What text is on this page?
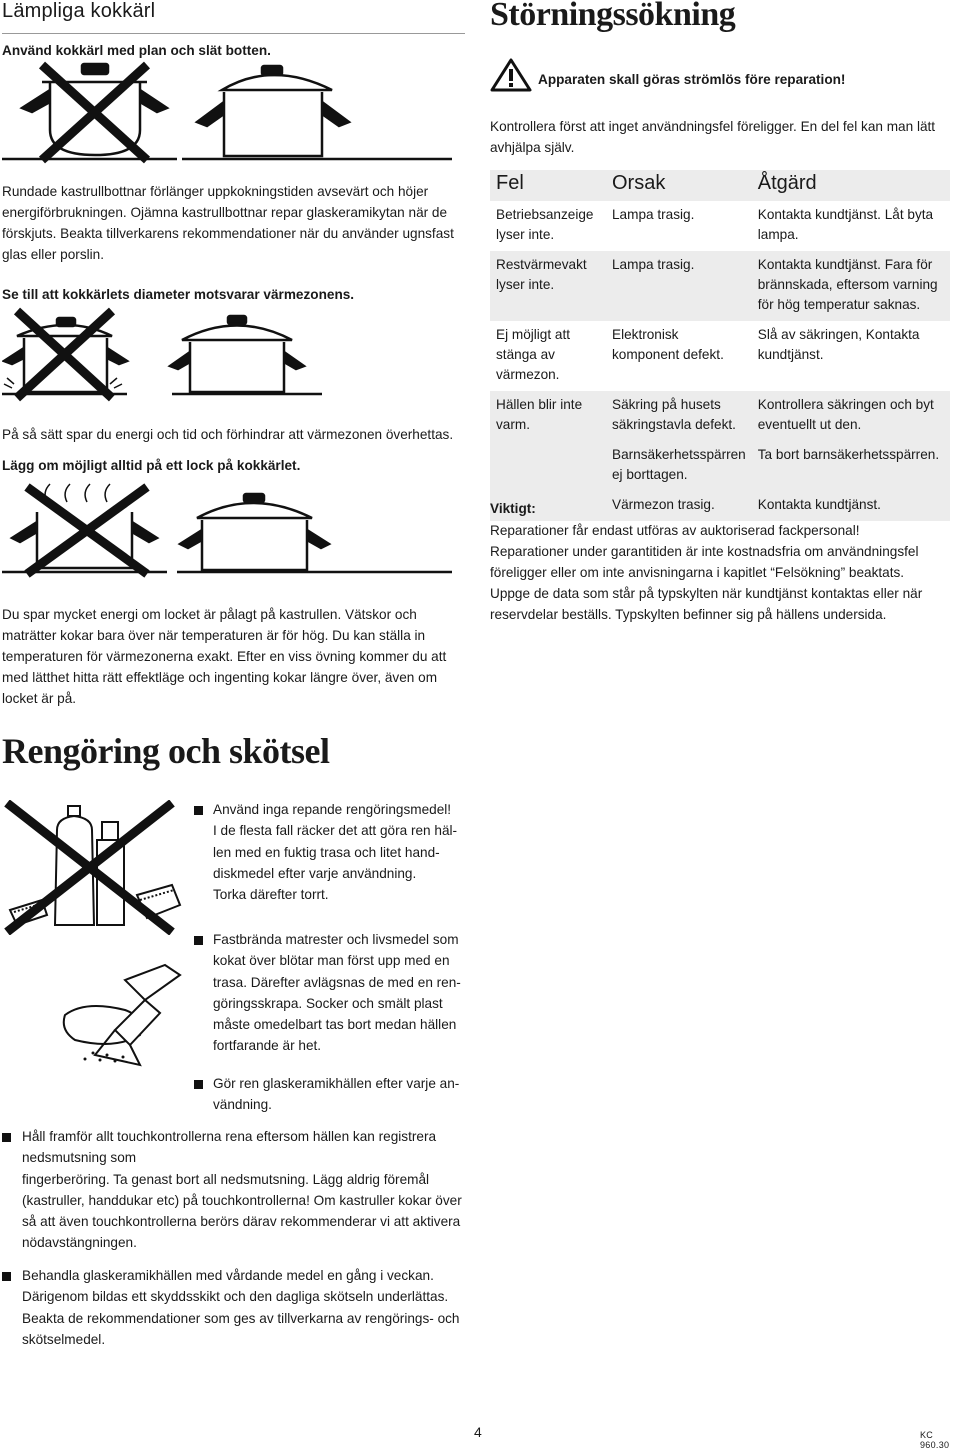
Lämpliga kokkärl

Använd kokkärl med plan och slät botten.

Rundade kastrullbottnar förlänger uppkokningstiden avsevärt och höjer energiförbrukningen. Ojämna kastrullbottnar repar glaskeramikytan när de förskjuts. Beakta tillverkarens rekommendationer när du använder ugnsfast glas eller porslin.

Se till att kokkärlets diameter motsvarar värmezonens.

På så sätt spar du energi och tid och förhindrar att värmezonen överhettas.

Lägg om möjligt alltid på ett lock på kokkärlet.

Du spar mycket energi om locket är pålagt på kastrullen. Vätskor och maträtter kokar bara över när temperaturen är för hög. Du kan ställa in temperaturen för värmezonerna exakt. Efter en viss övning kommer du att med lätthet hitta rätt effektläge och ingenting kokar längre över, även om locket är på.

Störningssökning
Apparaten skall göras strömlös före reparation!

Kontrollera först att inget användningsfel föreligger. En del fel kan man lätt avhjälpa själv.

Fel	Orsak	Åtgärd
Betriebsanzeige lyser inte.	Lampa trasig.	Kontakta kundtjänst. Låt byta lampa.
Restvärmevakt lyser inte.	Lampa trasig.	Kontakta kundtjänst. Fara för brännskada, eftersom varning för hög temperatur saknas.
Ej möjligt att stänga av värmezon.	Elektronisk komponent defekt.	Slå av säkringen, Kontakta kundtjänst.
Hällen blir inte varm.	Säkring på husets säkringstavla defekt.	Kontrollera säkringen och byt eventuellt ut den.
	Barnsäkerhetsspärren ej borttagen.	Ta bort barnsäkerhetsspärren.
	Värmezon trasig.	Kontakta kundtjänst.

Viktigt:

Reparationer får endast utföras av auktoriserad fackpersonal!

Reparationer under garantitiden är inte kostnadsfria om användningsfel föreligger eller om inte anvisningarna i kapitlet “Felsökning” beaktats.

Uppge de data som står på typskylten när kundtjänst kontaktas eller när reservdelar beställs. Typskylten befinner sig på hällens undersida.

Rengöring och skötsel
Använd inga repande rengöringsmedel!
I de flesta fall räcker det att göra ren häl-
len med en fuktig trasa och litet hand-
diskmedel efter varje användning.
Torka därefter torrt.
Fastbrända matrester och livsmedel som
kokat över blötar man först upp med en
trasa. Därefter avlägsnas de med en ren-
göringsskrapa. Socker och smält plast
måste omedelbart tas bort medan hällen
fortfarande är het.
Gör ren glaskeramikhällen efter varje an-
vändning.
Håll framför allt touchkontrollerna rena eftersom hällen kan registrera
nedsmutsning som
fingerberöring. Ta genast bort all nedsmutsning. Lägg aldrig föremål
(kastruller, handdukar etc) på touchkontrollerna! Om kastruller kokar över
så att även touchkontrollerna berörs därav rekommenderar vi att aktivera
nödavstängningen.
Behandla glaskeramikhällen med vårdande medel en gång i veckan.
Därigenom bildas ett skyddsskikt och den dagliga skötseln underlättas.
Beakta de rekommendationer som ges av tillverkarna av rengörings- och
skötselmedel.
4	KC 960.30
